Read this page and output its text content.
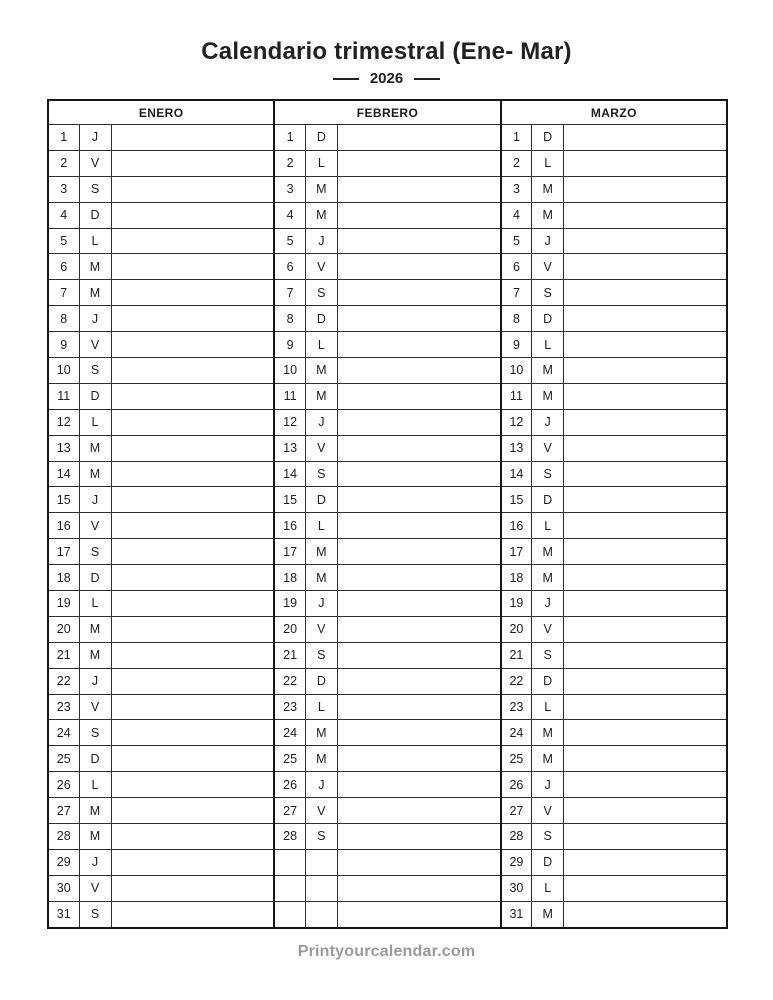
Calendario trimestral (Ene- Mar)
2026
ENERO			FEBRERO			MARZO		
1	J		1	D		1	D	
2	V		2	L		2	L	
3	S		3	M		3	M	
4	D		4	M		4	M	
5	L		5	J		5	J	
6	M		6	V		6	V	
7	M		7	S		7	S	
8	J		8	D		8	D	
9	V		9	L		9	L	
10	S		10	M		10	M	
11	D		11	M		11	M	
12	L		12	J		12	J	
13	M		13	V		13	V	
14	M		14	S		14	S	
15	J		15	D		15	D	
16	V		16	L		16	L	
17	S		17	M		17	M	
18	D		18	M		18	M	
19	L		19	J		19	J	
20	M		20	V		20	V	
21	M		21	S		21	S	
22	J		22	D		22	D	
23	V		23	L		23	L	
24	S		24	M		24	M	
25	D		25	M		25	M	
26	L		26	J		26	J	
27	M		27	V		27	V	
28	M		28	S		28	S	
29	J					29	D	
30	V					30	L	
31	S					31	M	
Printyourcalendar.com
